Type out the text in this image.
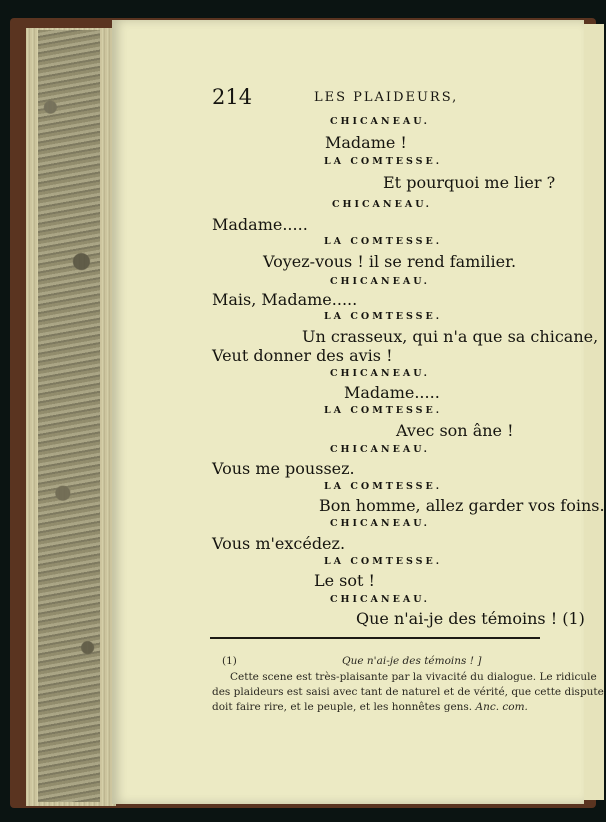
214	LES PLAIDEURS,
CHICANEAU.
Madame !
LA COMTESSE.
Et pourquoi me lier ?
CHICANEAU.
Madame.....
LA COMTESSE.
Voyez-vous ! il se rend familier.
CHICANEAU.
Mais, Madame.....
LA COMTESSE.
Un crasseux, qui n'a que sa chicane,
Veut donner des avis !
CHICANEAU.
Madame.....
LA COMTESSE.
Avec son âne !
CHICANEAU.
Vous me poussez.
LA COMTESSE.
Bon homme, allez garder vos foins.
CHICANEAU.
Vous m'excédez.
LA COMTESSE.
Le sot !
CHICANEAU.
Que n'ai-je des témoins ! (1)
(1)	Que n'ai-je des témoins ! ]
Cette scene est très-plaisante par la vivacité du dialogue. Le ridicule
des plaideurs est saisi avec tant de naturel et de vérité, que cette dispute
doit faire rire, et le peuple, et les honnêtes gens. Anc. com.
